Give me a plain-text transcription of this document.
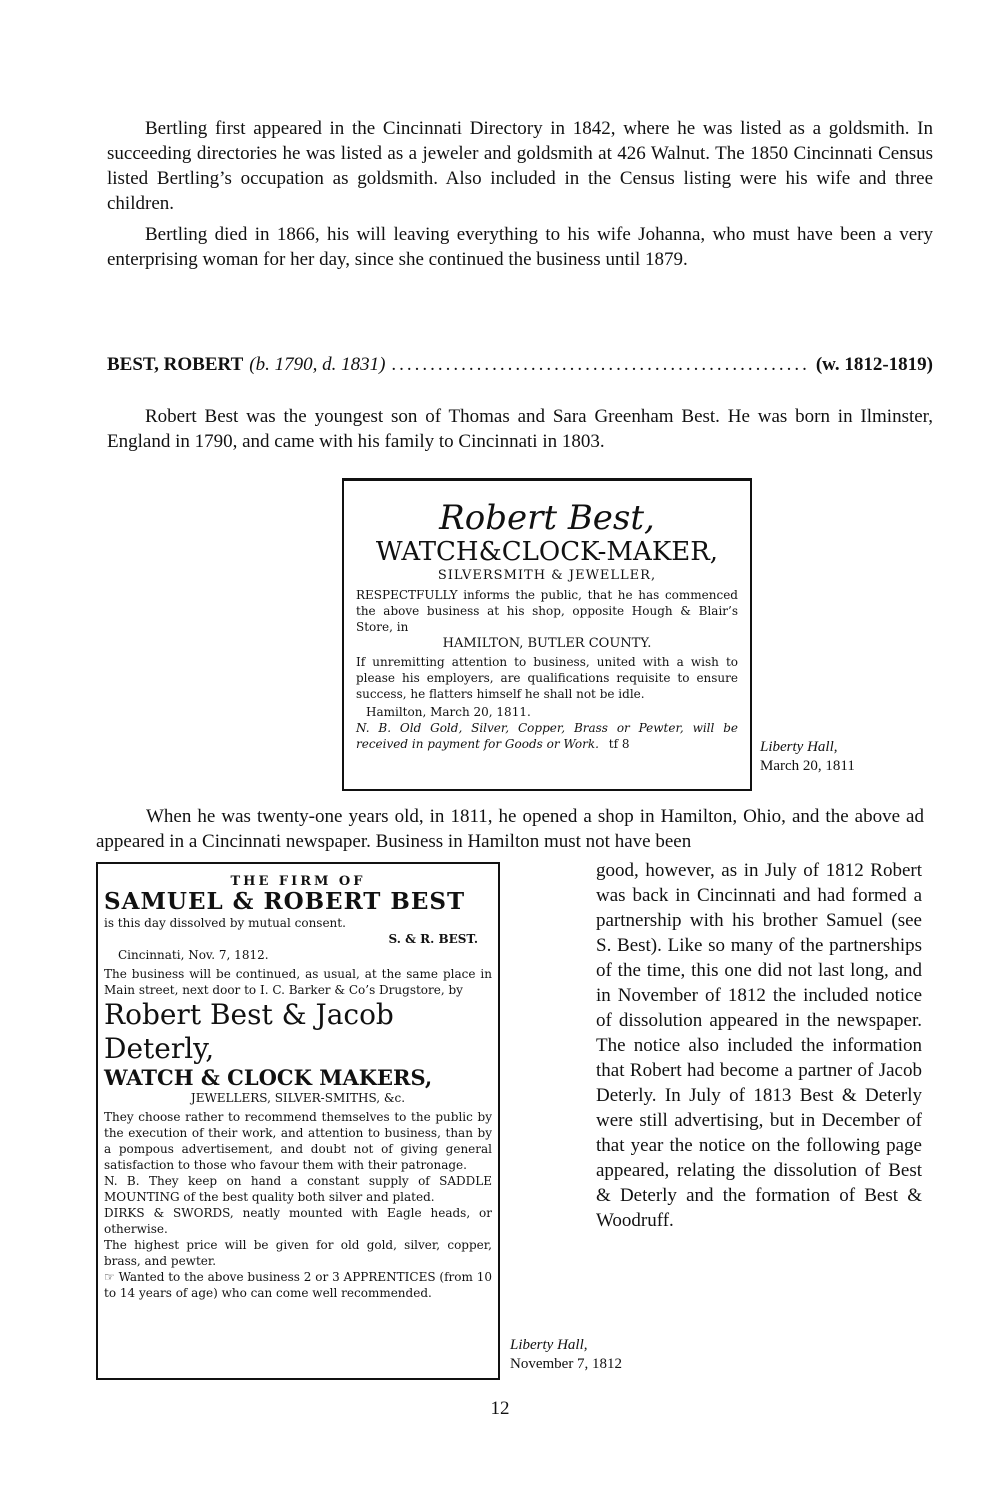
Bertling first appeared in the Cincinnati Directory in 1842, where he was listed as a goldsmith. In succeeding directories he was listed as a jeweler and goldsmith at 426 Walnut. The 1850 Cincinnati Census listed Bertling’s occupation as goldsmith. Also included in the Census listing were his wife and three children.

Bertling died in 1866, his will leaving everything to his wife Johanna, who must have been a very enterprising woman for her day, since she continued the business until 1879.

BEST, ROBERT (b. 1790, d. 1831)
.....	(w. 1812-1819)

Robert Best was the youngest son of Thomas and Sara Greenham Best. He was born in Ilminster, England in 1790, and came with his family to Cincinnati in 1803.

Robert Best,
WATCH&CLOCK-MAKER,
SILVERSMITH & JEWELLER,
RESPECTFULLY informs the public, that he has commenced the above business at his shop, opposite Hough & Blair’s Store, in
HAMILTON, BUTLER COUNTY.
If unremitting attention to business, united with a wish to please his employers, are qualifications requisite to ensure success, he flatters himself he shall not be idle.
Hamilton, March 20, 1811.
N. B. Old Gold, Silver, Copper, Brass or Pewter, will be received in payment for Goods or Work. tf 8	Liberty Hall,
March 20, 1811

When he was twenty-one years old, in 1811, he opened a shop in Hamilton, Ohio, and the above ad appeared in a Cincinnati newspaper. Business in Hamilton must not have been

THE FIRM OF
SAMUEL & ROBERT BEST
is this day dissolved by mutual consent.
S. & R. BEST.
Cincinnati, Nov. 7, 1812.
The business will be continued, as usual, at the same place in Main street, next door to I. C. Barker & Co’s Drugstore, by
Robert Best & Jacob Deterly,
WATCH & CLOCK MAKERS,
JEWELLERS, SILVER-SMITHS, &c.
They choose rather to recommend themselves to the public by the execution of their work, and attention to business, than by a pompous advertisement, and doubt not of giving general satisfaction to those who favour them with their patronage.
N. B. They keep on hand a constant supply of SADDLE MOUNTING of the best quality both silver and plated.
DIRKS & SWORDS, neatly mounted with Eagle heads, or otherwise.
The highest price will be given for old gold, silver, copper, brass, and pewter.
☞ Wanted to the above business 2 or 3 APPRENTICES (from 10 to 14 years of age) who can come well recommended.

good, however, as in July of 1812 Robert was back in Cincinnati and had formed a partnership with his brother Samuel (see S. Best). Like so many of the partnerships of the time, this one did not last long, and in November of 1812 the included notice of dissolution appeared in the newspaper. The notice also included the information that Robert had become a partner of Jacob Deterly. In July of 1813 Best & Deterly were still advertising, but in December of that year the notice on the following page appeared, relating the dissolution of Best & Deterly and the formation of Best & Woodruff.

Liberty Hall,
November 7, 1812
12
